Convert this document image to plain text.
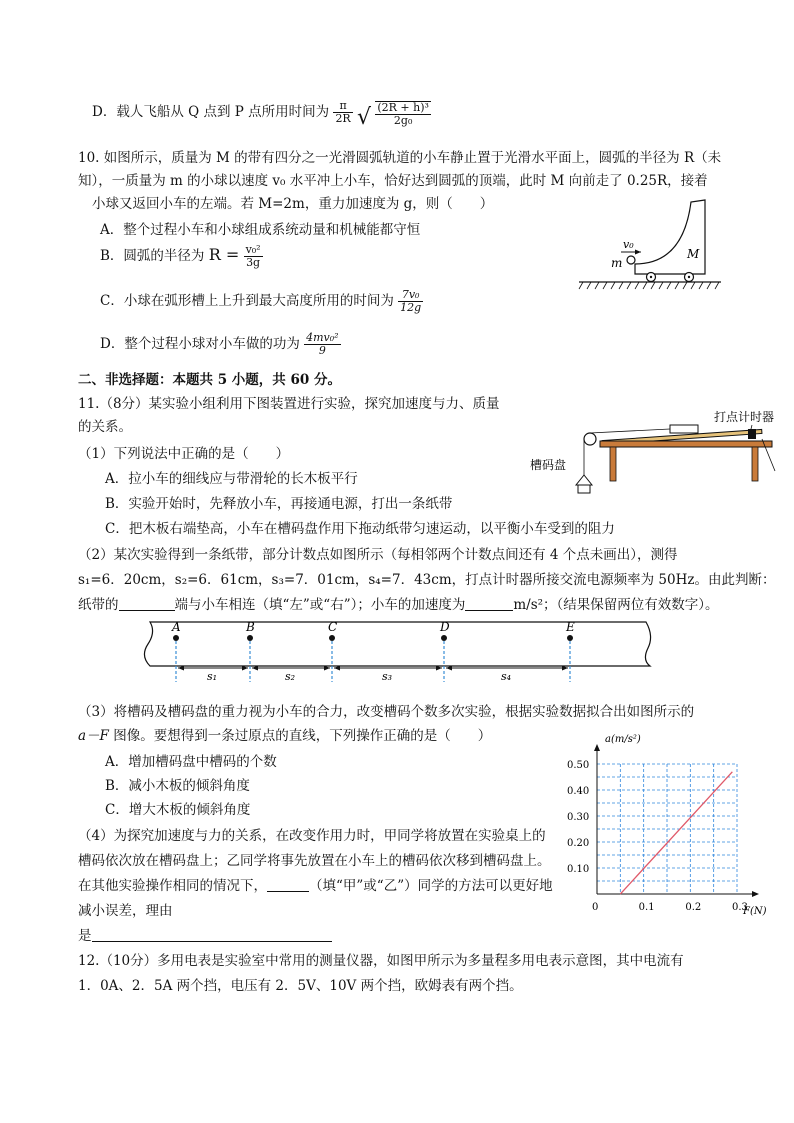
D．载人飞船从 Q 点到 P 点所用时间为 $\frac{\pi}{2R}$ √ $\frac{\text{(2R + h)³}}{\text{2g₀}}$
10. 如图所示，质量为 M 的带有四分之一光滑圆弧轨道的小车静止置于光滑水平面上，圆弧的半径为 R（未
知），一质量为 m 的小球以速度 v₀ 水平冲上小车，恰好达到圆弧的顶端，此时 M 向前走了 0.25R，接着
小球又返回小车的左端。若 M=2m，重力加速度为 g，则（　　）
A．整个过程小车和小球组成系统动量和机械能都守恒
B．圆弧的半径为 $R = \frac{\text{v₀²}}{3g}$
C．小球在弧形槽上上升到最大高度所用的时间为 $\frac{\text{7v₀}}{12g}$
D．整个过程小球对小车做的功为 $\frac{\text{4mv₀²}}{9}$
v₀
m
M
二、非选择题：本题共 5 小题，共 60 分。
11.（8分）某实验小组利用下图装置进行实验，探究加速度与力、质量
的关系。
（1）下列说法中正确的是（　　）
A．拉小车的细线应与带滑轮的长木板平行
B．实验开始时，先释放小车，再接通电源，打出一条纸带
C．把木板右端垫高，小车在槽码盘作用下拖动纸带匀速运动，以平衡小车受到的阻力
打点计时器
槽码盘
（2）某次实验得到一条纸带，部分计数点如图所示（每相邻两个计数点间还有 4 个点未画出），测得
s₁=6．20cm，s₂=6．61cm，s₃=7．01cm，s₄=7．43cm，打点计时器所接交流电源频率为 50Hz。由此判断：
纸带的	端与小车相连（填“左”或“右”）；小车的加速度为	m/s²；（结果保留两位有效数字）。
A	B	C	D	E
s₁	s₂	s₃	s₄
（3）将槽码及槽码盘的重力视为小车的合力，改变槽码个数多次实验，根据实验数据拟合出如图所示的
a－F 图像。要想得到一条过原点的直线，下列操作正确的是（　　）
A．增加槽码盘中槽码的个数
B．减小木板的倾斜角度
C．增大木板的倾斜角度
（4）为探究加速度与力的关系，在改变作用力时，甲同学将放置在实验桌上的
槽码依次放在槽码盘上；乙同学将事先放置在小车上的槽码依次移到槽码盘上。
在其他实验操作相同的情况下，	（填“甲”或“乙”）同学的方法可以更好地
减小误差，理由
是
0	0.1	0.2	0.3
0.10
0.20
0.30
0.40
0.50
a(m/s²)
F(N)
12.（10分）多用电表是实验室中常用的测量仪器，如图甲所示为多量程多用电表示意图，其中电流有
1．0A、2．5A 两个挡，电压有 2．5V、10V 两个挡，欧姆表有两个挡。
